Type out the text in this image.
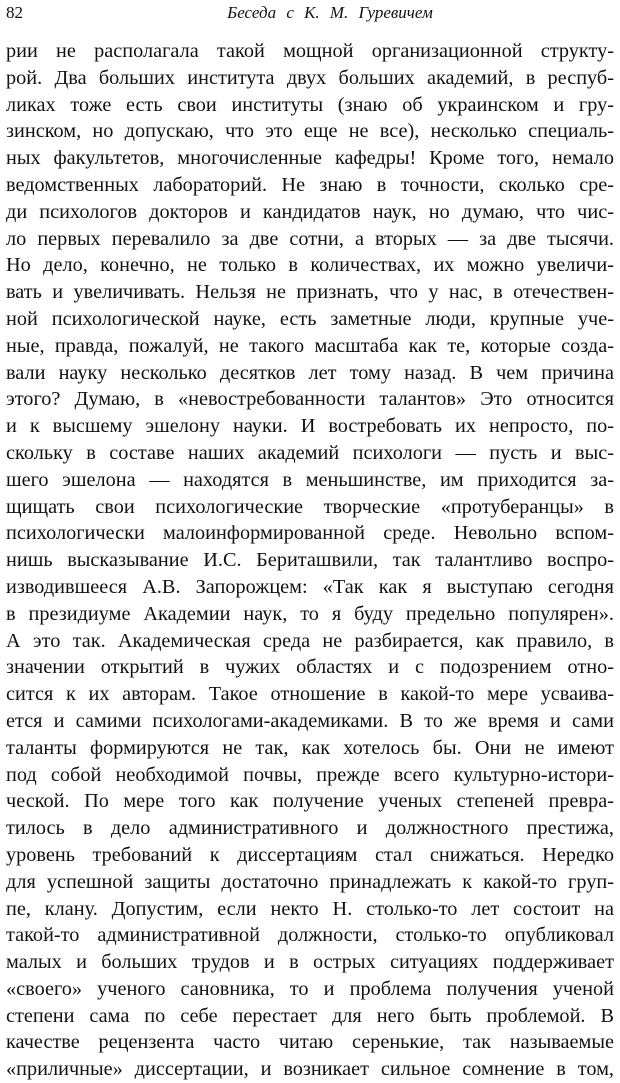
82	Беседа с К. М. Гуревичем
рии не располагала такой мощной организационной структу-
рой. Два больших института двух больших академий, в респуб-
ликах тоже есть свои институты (знаю об украинском и гру-
зинском, но допускаю, что это еще не все), несколько специаль-
ных факультетов, многочисленные кафедры! Кроме того, немало
ведомственных лабораторий. Не знаю в точности, сколько сре-
ди психологов докторов и кандидатов наук, но думаю, что чис-
ло первых перевалило за две сотни, а вторых — за две тысячи.
Но дело, конечно, не только в количествах, их можно увеличи-
вать и увеличивать. Нельзя не признать, что у нас, в отечествен-
ной психологической науке, есть заметные люди, крупные уче-
ные, правда, пожалуй, не такого масштаба как те, которые созда-
вали науку несколько десятков лет тому назад. В чем причина
этого? Думаю, в «невостребованности талантов» Это относится
и к высшему эшелону науки. И востребовать их непросто, по-
скольку в составе наших академий психологи — пусть и выс-
шего эшелона — находятся в меньшинстве, им приходится за-
щищать свои психологические творческие «протуберанцы» в
психологически малоинформированной среде. Невольно вспом-
нишь высказывание И.С. Бериташвили, так талантливо воспро-
изводившееся А.В. Запорожцем: «Так как я выступаю сегодня
в президиуме Академии наук, то я буду предельно популярен».
А это так. Академическая среда не разбирается, как правило, в
значении открытий в чужих областях и с подозрением отно-
сится к их авторам. Такое отношение в какой-то мере усваива-
ется и самими психологами-академиками. В то же время и сами
таланты формируются не так, как хотелось бы. Они не имеют
под собой необходимой почвы, прежде всего культурно-истори-
ческой. По мере того как получение ученых степеней превра-
тилось в дело административного и должностного престижа,
уровень требований к диссертациям стал снижаться. Нередко
для успешной защиты достаточно принадлежать к какой-то груп-
пе, клану. Допустим, если некто Н. столько-то лет состоит на
такой-то административной должности, столько-то опубликовал
малых и больших трудов и в острых ситуациях поддерживает
«своего» ученого сановника, то и проблема получения ученой
степени сама по себе перестает для него быть проблемой. В
качестве рецензента часто читаю серенькие, так называемые
«приличные» диссертации, и возникает сильное сомнение в том,
